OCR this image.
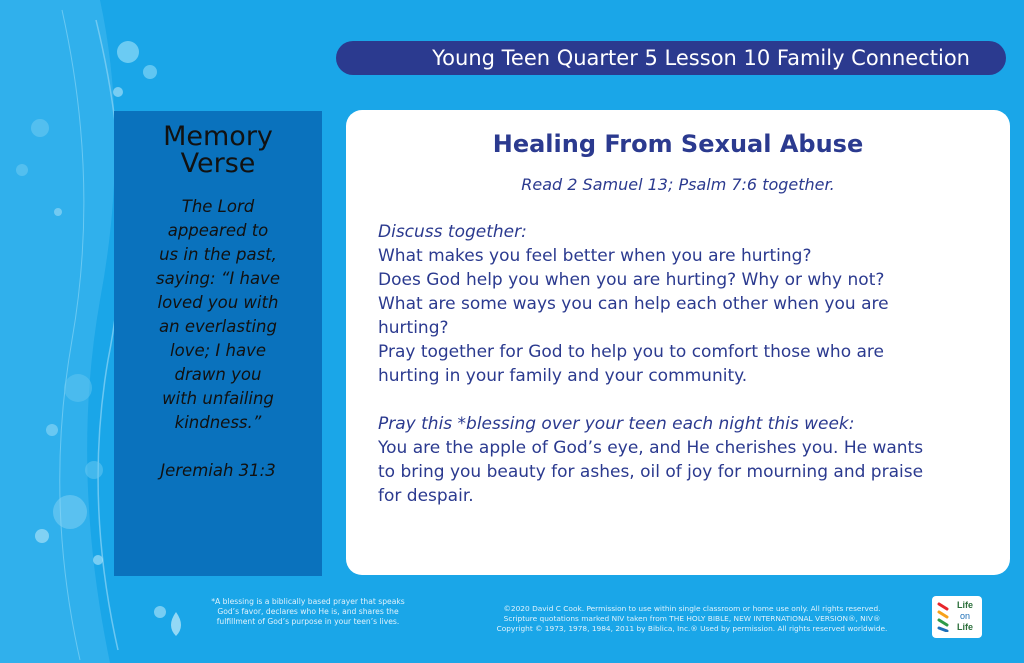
Young Teen Quarter 5 Lesson 10 Family Connection
Memory
Verse
The Lord
appeared to
us in the past,
saying: “I have
loved you with
an everlasting
love; I have
drawn you
with unfailing
kindness.”
Jeremiah 31:3
Healing From Sexual Abuse

Read 2 Samuel 13; Psalm 7:6 together.

Discuss together:

What makes you feel better when you are hurting?

Does God help you when you are hurting? Why or why not?

What are some ways you can help each other when you are

hurting?

Pray together for God to help you to comfort those who are

hurting in your family and your community.

Pray this *blessing over your teen each night this week:

You are the apple of God’s eye, and He cherishes you. He wants

to bring you beauty for ashes, oil of joy for mourning and praise

for despair.

*A blessing is a biblically based prayer that speaks
God’s favor, declares who He is, and shares the
fulfillment of God’s purpose in your teen’s lives.
©2020 David C Cook. Permission to use within single classroom or home use only. All rights reserved.
Scripture quotations marked NIV taken from THE HOLY BIBLE, NEW INTERNATIONAL VERSION®, NIV®
Copyright © 1973, 1978, 1984, 2011 by Biblica, Inc.® Used by permission. All rights reserved worldwide.
Life
on
Life
